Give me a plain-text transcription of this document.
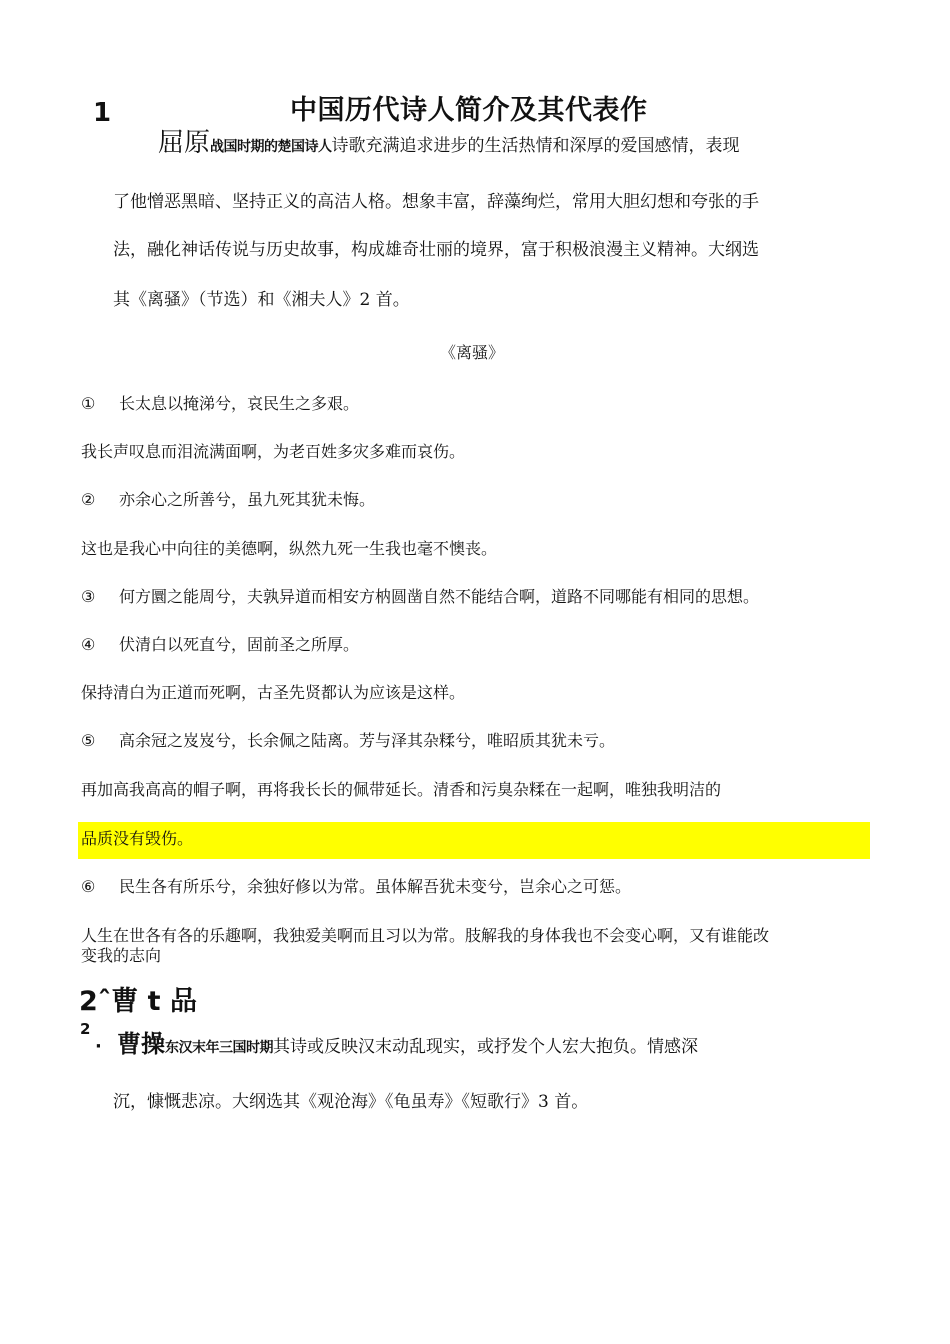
1	中国历代诗人简介及其代表作
屈原战国时期的楚国诗人诗歌充满追求进步的生活热情和深厚的爱国感情，表现
了他憎恶黑暗、坚持正义的高洁人格。想象丰富，辞藻绚烂，常用大胆幻想和夸张的手
法，融化神话传说与历史故事，构成雄奇壮丽的境界，富于积极浪漫主义精神。大纲选
其《离骚》（节选）和《湘夫人》2 首。
《离骚》
① 长太息以掩涕兮，哀民生之多艰。
我长声叹息而泪流满面啊，为老百姓多灾多难而哀伤。
② 亦余心之所善兮，虽九死其犹未悔。
这也是我心中向往的美德啊，纵然九死一生我也毫不懊丧。
③ 何方圜之能周兮，夫孰异道而相安方枘圆凿自然不能结合啊，道路不同哪能有相同的思想。
④ 伏清白以死直兮，固前圣之所厚。
保持清白为正道而死啊，古圣先贤都认为应该是这样。
⑤ 高余冠之岌岌兮，长余佩之陆离。芳与泽其杂糅兮，唯昭质其犹未亏。
再加高我高高的帽子啊，再将我长长的佩带延长。清香和污臭杂糅在一起啊，唯独我明洁的
品质没有毁伤。
⑥ 民生各有所乐兮，余独好修以为常。虽体解吾犹未变兮，岂余心之可惩。
人生在世各有各的乐趣啊，我独爱美啊而且习以为常。肢解我的身体我也不会变心啊，又有谁能改
变我的志向
2ˆ曹 t 品
2
· 曹操东汉末年三国时期其诗或反映汉末动乱现实，或抒发个人宏大抱负。情感深
沉，慷慨悲凉。大纲选其《观沧海》《龟虽寿》《短歌行》3 首。
